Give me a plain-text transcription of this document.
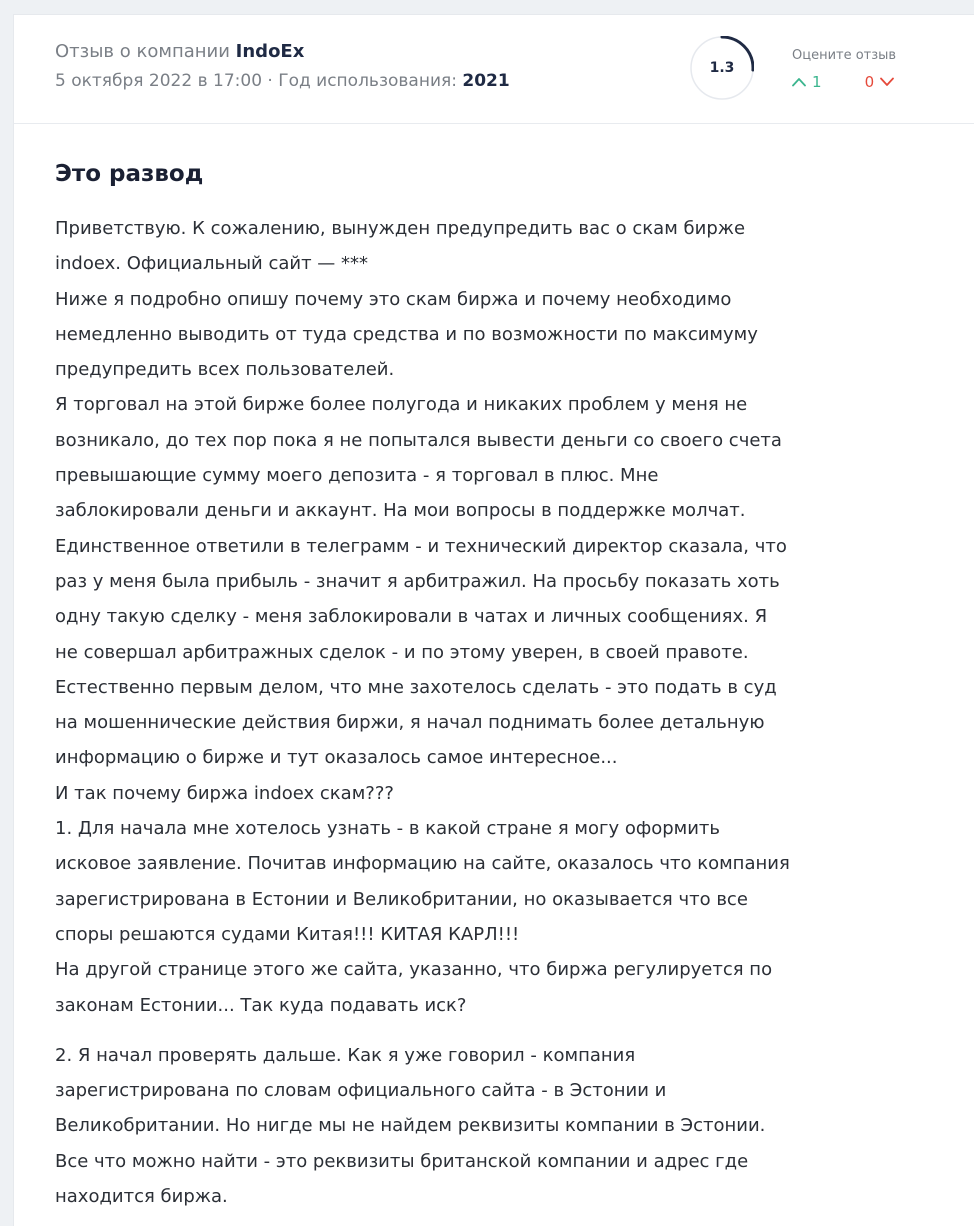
Отзыв о компании IndoEx
5 октября 2022 в 17:00 · Год использования: 2021
1.3
Оцените отзыв
1	0
Это развод

Приветствую. К сожалению, вынужден предупредить вас о скам бирже
indoex. Официальный сайт — ***
Ниже я подробно опишу почему это скам биржа и почему необходимо
немедленно выводить от туда средства и по возможности по максимуму
предупредить всех пользователей.
Я торговал на этой бирже более полугода и никаких проблем у меня не
возникало, до тех пор пока я не попытался вывести деньги со своего счета
превышающие сумму моего депозита - я торговал в плюс. Мне
заблокировали деньги и аккаунт. На мои вопросы в поддержке молчат.
Единственное ответили в телеграмм - и технический директор сказала, что
раз у меня была прибыль - значит я арбитражил. На просьбу показать хоть
одну такую сделку - меня заблокировали в чатах и личных сообщениях. Я
не совершал арбитражных сделок - и по этому уверен, в своей правоте.
Естественно первым делом, что мне захотелось сделать - это подать в суд
на мошеннические действия биржи, я начал поднимать более детальную
информацию о бирже и тут оказалось самое интересное...
И так почему биржа indoex скам???
1. Для начала мне хотелось узнать - в какой стране я могу оформить
исковое заявление. Почитав информацию на сайте, оказалось что компания
зарегистрирована в Естонии и Великобритании, но оказывается что все
споры решаются судами Китая!!! КИТАЯ КАРЛ!!!
На другой странице этого же сайта, указанно, что биржа регулируется по
законам Естонии... Так куда подавать иск?

2. Я начал проверять дальше. Как я уже говорил - компания
зарегистрирована по словам официального сайта - в Эстонии и
Великобритании. Но нигде мы не найдем реквизиты компании в Эстонии.
Все что можно найти - это реквизиты британской компании и адрес где
находится биржа.
